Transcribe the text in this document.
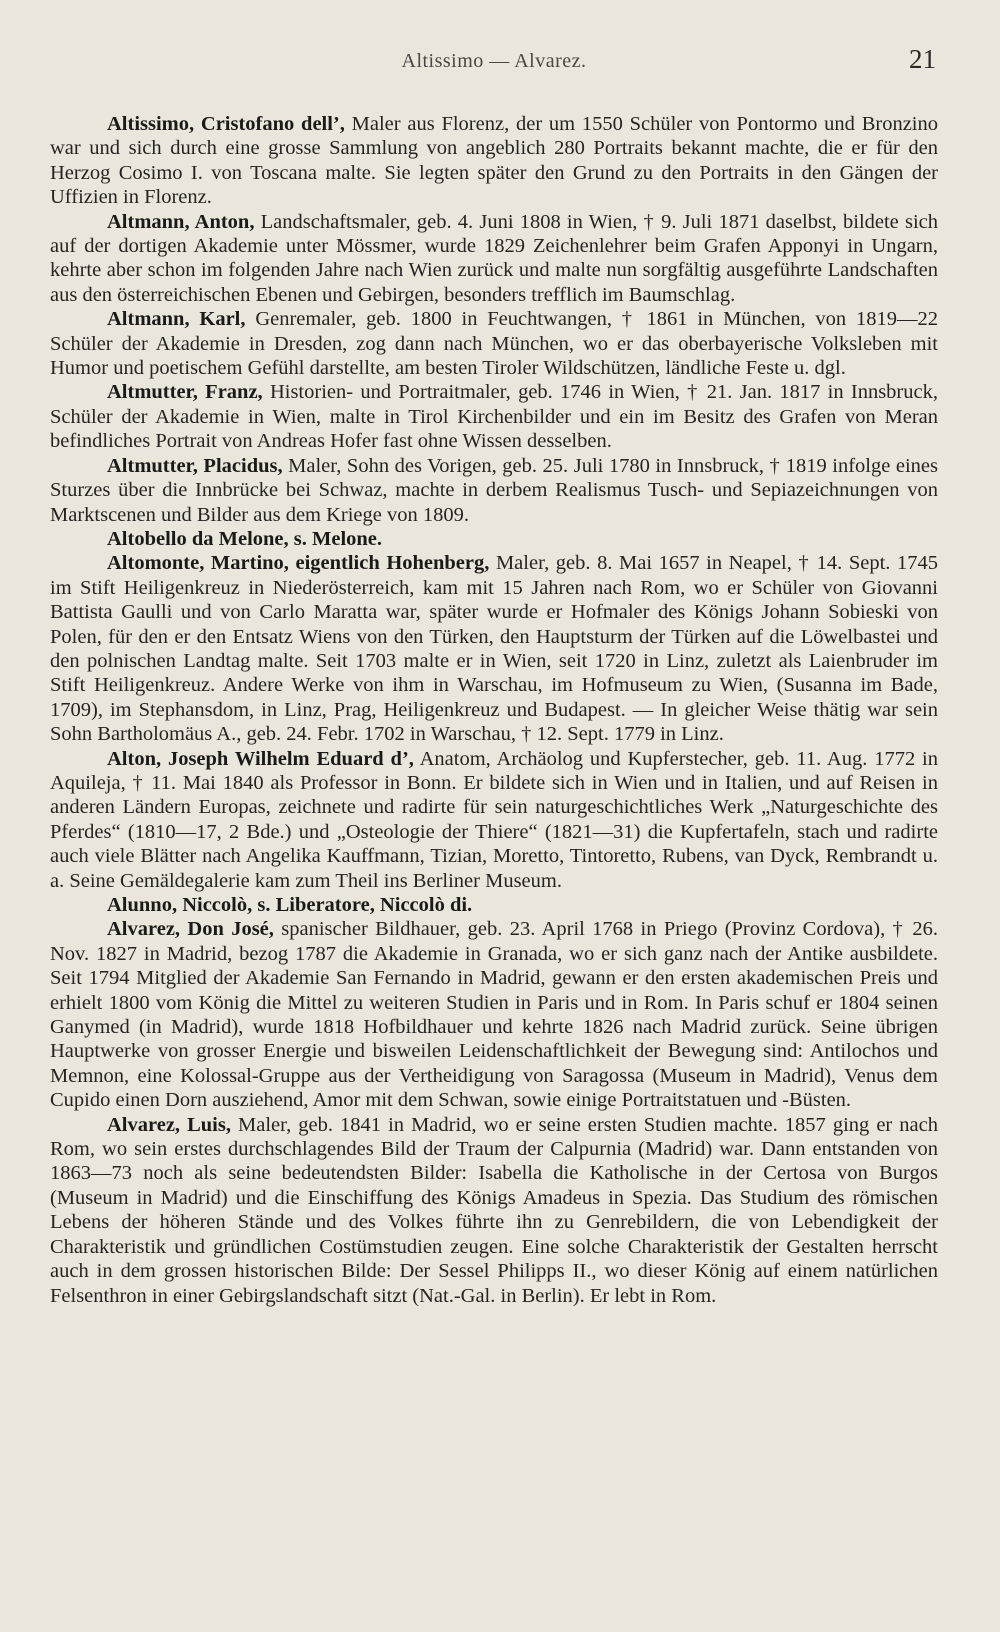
Altissimo — Alvarez.	21

Altissimo, Cristofano dell’, Maler aus Florenz, der um 1550 Schüler von Pontormo und Bronzino war und sich durch eine grosse Sammlung von angeblich 280 Portraits bekannt machte, die er für den Herzog Cosimo I. von Toscana malte. Sie legten später den Grund zu den Portraits in den Gängen der Uffizien in Florenz.

Altmann, Anton, Landschaftsmaler, geb. 4. Juni 1808 in Wien, † 9. Juli 1871 daselbst, bildete sich auf der dortigen Akademie unter Mössmer, wurde 1829 Zeichenlehrer beim Grafen Apponyi in Ungarn, kehrte aber schon im folgenden Jahre nach Wien zurück und malte nun sorgfältig ausgeführte Landschaften aus den österreichischen Ebenen und Gebirgen, besonders trefflich im Baumschlag.

Altmann, Karl, Genremaler, geb. 1800 in Feuchtwangen, † 1861 in München, von 1819—22 Schüler der Akademie in Dresden, zog dann nach München, wo er das oberbayerische Volksleben mit Humor und poetischem Gefühl darstellte, am besten Tiroler Wildschützen, ländliche Feste u. dgl.

Altmutter, Franz, Historien- und Portraitmaler, geb. 1746 in Wien, † 21. Jan. 1817 in Innsbruck, Schüler der Akademie in Wien, malte in Tirol Kirchenbilder und ein im Besitz des Grafen von Meran befindliches Portrait von Andreas Hofer fast ohne Wissen desselben.

Altmutter, Placidus, Maler, Sohn des Vorigen, geb. 25. Juli 1780 in Innsbruck, † 1819 infolge eines Sturzes über die Innbrücke bei Schwaz, machte in derbem Realismus Tusch- und Sepiazeichnungen von Marktscenen und Bilder aus dem Kriege von 1809.

Altobello da Melone, s. Melone.

Altomonte, Martino, eigentlich Hohenberg, Maler, geb. 8. Mai 1657 in Neapel, † 14. Sept. 1745 im Stift Heiligenkreuz in Niederösterreich, kam mit 15 Jahren nach Rom, wo er Schüler von Giovanni Battista Gaulli und von Carlo Maratta war, später wurde er Hofmaler des Königs Johann Sobieski von Polen, für den er den Entsatz Wiens von den Türken, den Hauptsturm der Türken auf die Löwelbastei und den polnischen Landtag malte. Seit 1703 malte er in Wien, seit 1720 in Linz, zuletzt als Laienbruder im Stift Heiligenkreuz. Andere Werke von ihm in Warschau, im Hofmuseum zu Wien, (Susanna im Bade, 1709), im Stephansdom, in Linz, Prag, Heiligenkreuz und Budapest. — In gleicher Weise thätig war sein Sohn Bartholomäus A., geb. 24. Febr. 1702 in Warschau, † 12. Sept. 1779 in Linz.

Alton, Joseph Wilhelm Eduard d’, Anatom, Archäolog und Kupferstecher, geb. 11. Aug. 1772 in Aquileja, † 11. Mai 1840 als Professor in Bonn. Er bildete sich in Wien und in Italien, und auf Reisen in anderen Ländern Europas, zeichnete und radirte für sein naturgeschichtliches Werk „Naturgeschichte des Pferdes“ (1810—17, 2 Bde.) und „Osteologie der Thiere“ (1821—31) die Kupfertafeln, stach und radirte auch viele Blätter nach Angelika Kauffmann, Tizian, Moretto, Tintoretto, Rubens, van Dyck, Rembrandt u. a. Seine Gemäldegalerie kam zum Theil ins Berliner Museum.

Alunno, Niccolò, s. Liberatore, Niccolò di.

Alvarez, Don José, spanischer Bildhauer, geb. 23. April 1768 in Priego (Provinz Cordova), † 26. Nov. 1827 in Madrid, bezog 1787 die Akademie in Granada, wo er sich ganz nach der Antike ausbildete. Seit 1794 Mitglied der Akademie San Fernando in Madrid, gewann er den ersten akademischen Preis und erhielt 1800 vom König die Mittel zu weiteren Studien in Paris und in Rom. In Paris schuf er 1804 seinen Ganymed (in Madrid), wurde 1818 Hofbildhauer und kehrte 1826 nach Madrid zurück. Seine übrigen Hauptwerke von grosser Energie und bisweilen Leidenschaftlichkeit der Bewegung sind: Antilochos und Memnon, eine Kolossal-Gruppe aus der Vertheidigung von Saragossa (Museum in Madrid), Venus dem Cupido einen Dorn ausziehend, Amor mit dem Schwan, sowie einige Portraitstatuen und -Büsten.

Alvarez, Luis, Maler, geb. 1841 in Madrid, wo er seine ersten Studien machte. 1857 ging er nach Rom, wo sein erstes durchschlagendes Bild der Traum der Calpurnia (Madrid) war. Dann entstanden von 1863—73 noch als seine bedeutendsten Bilder: Isabella die Katholische in der Certosa von Burgos (Museum in Madrid) und die Einschiffung des Königs Amadeus in Spezia. Das Studium des römischen Lebens der höheren Stände und des Volkes führte ihn zu Genrebildern, die von Lebendigkeit der Charakteristik und gründlichen Costümstudien zeugen. Eine solche Charakteristik der Gestalten herrscht auch in dem grossen historischen Bilde: Der Sessel Philipps II., wo dieser König auf einem natürlichen Felsenthron in einer Gebirgslandschaft sitzt (Nat.-Gal. in Berlin). Er lebt in Rom.
